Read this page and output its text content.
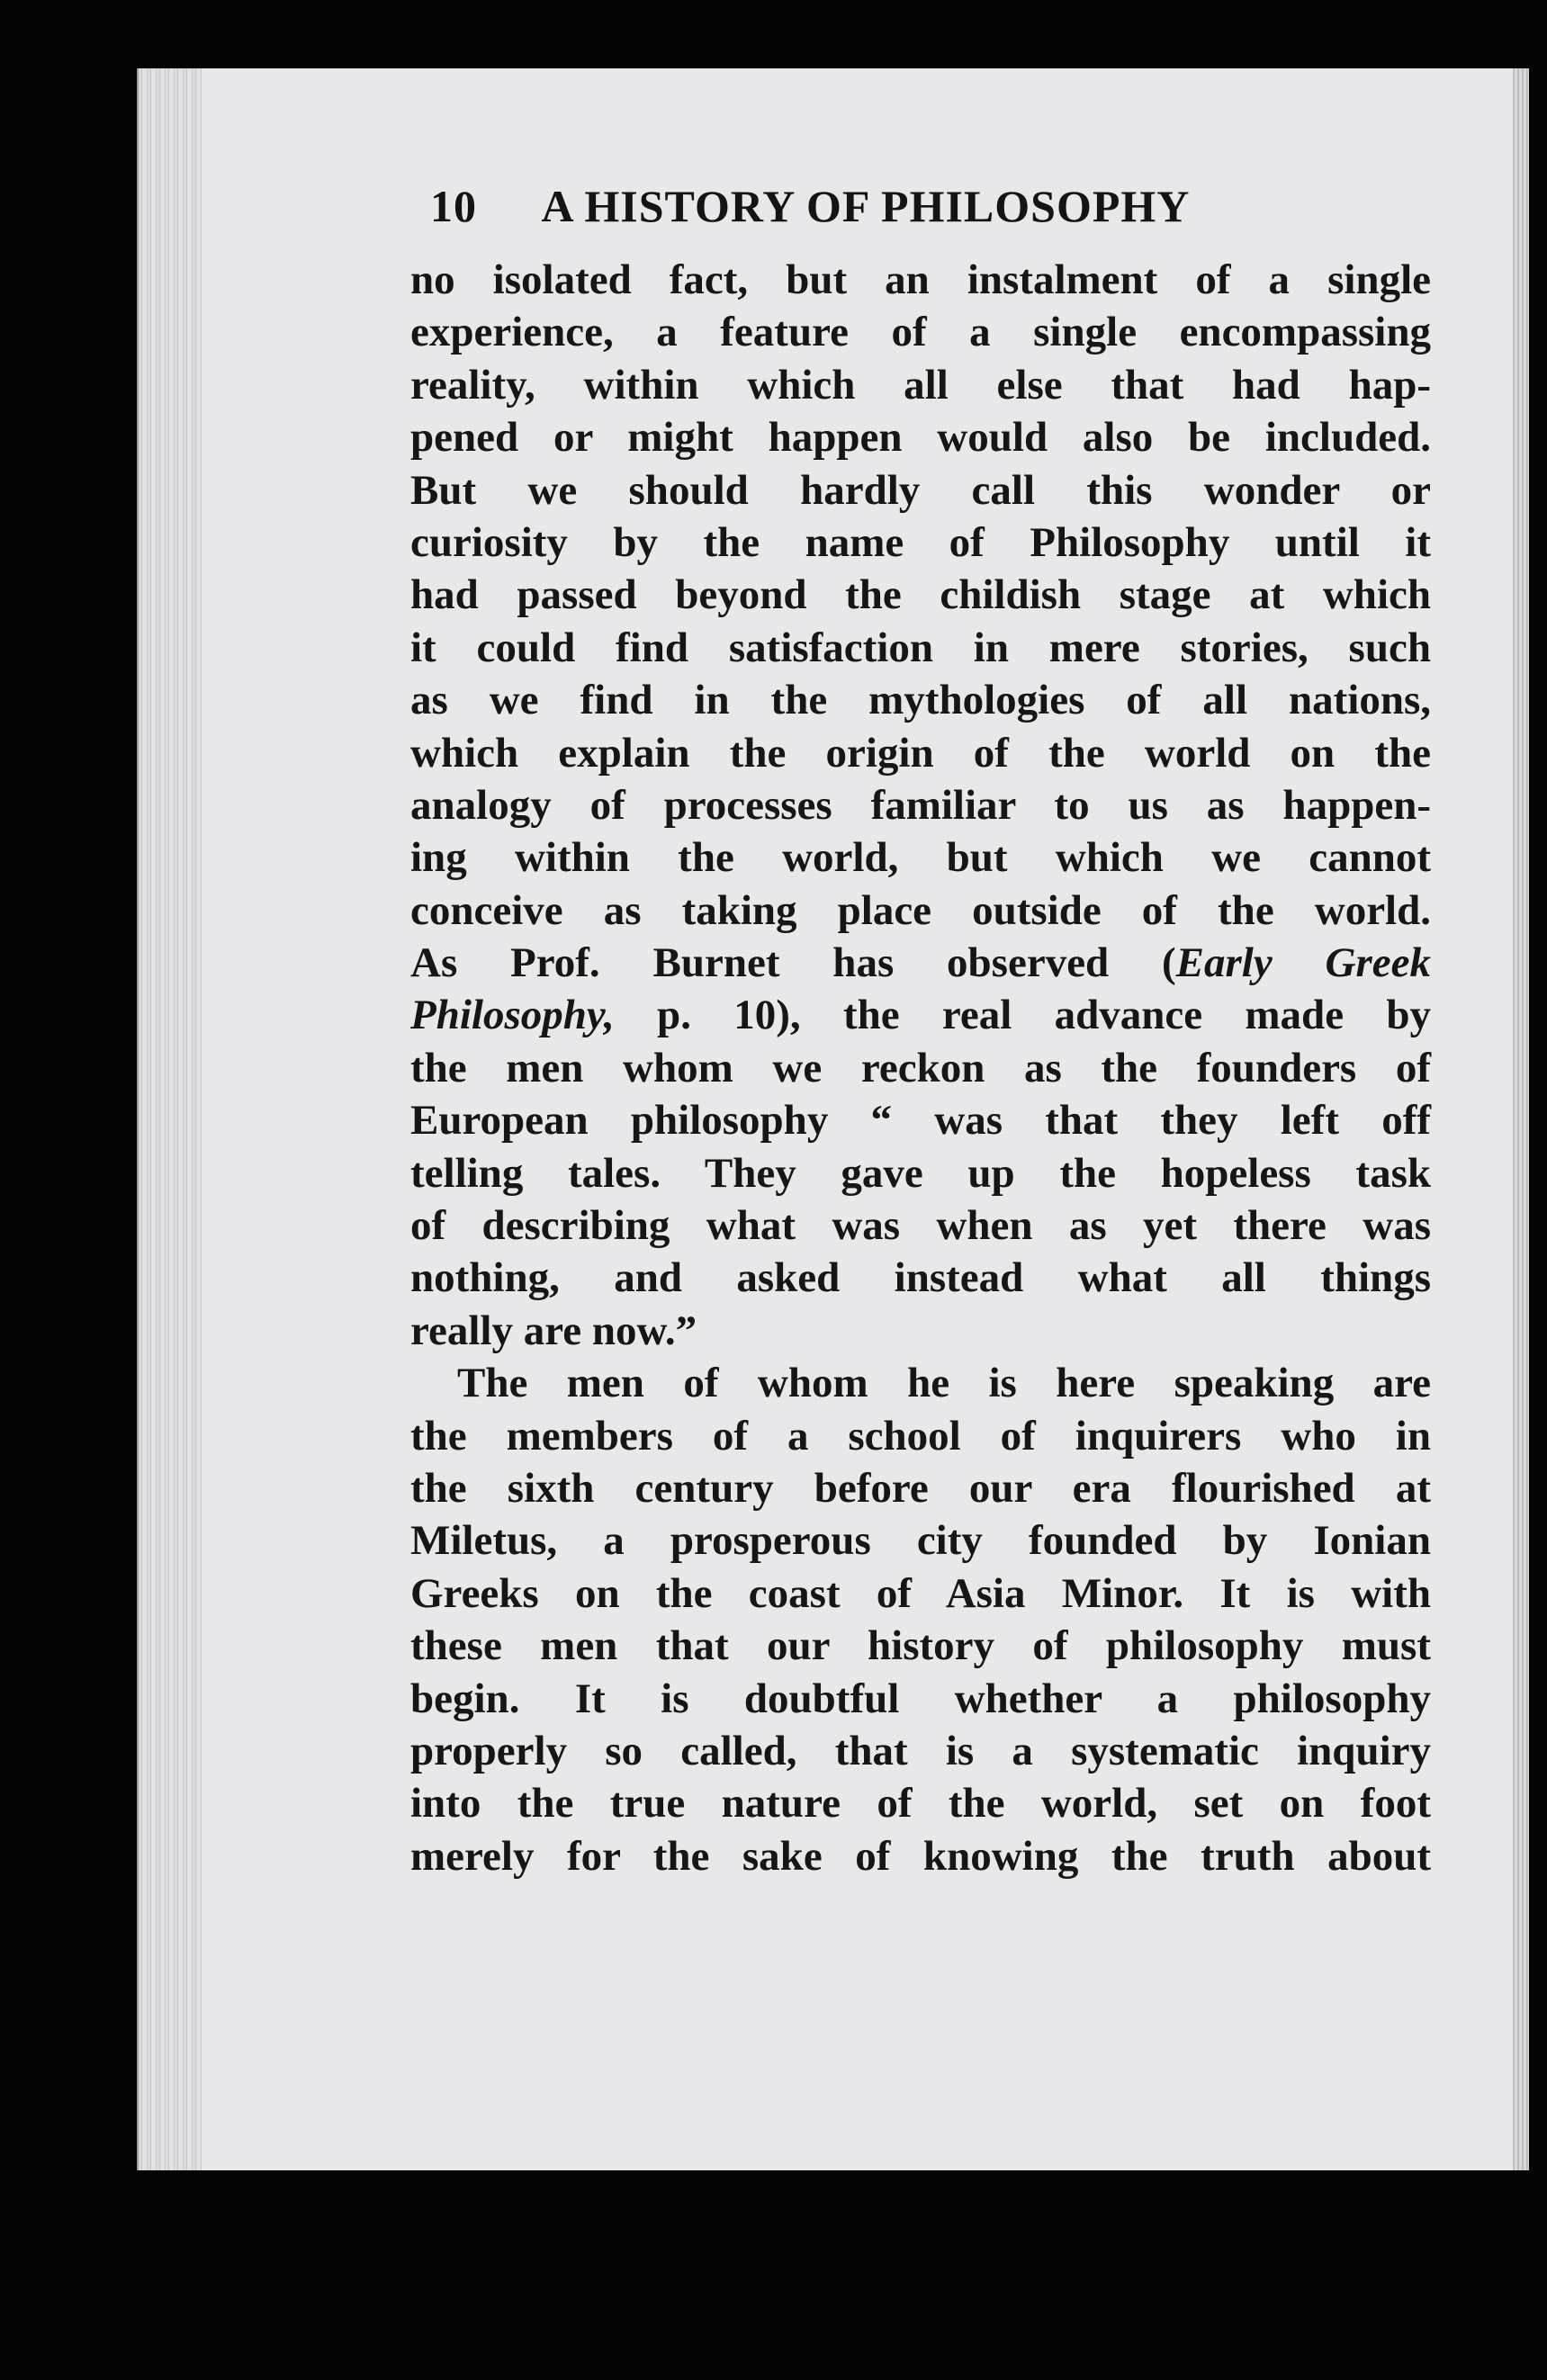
10 A HISTORY OF PHILOSOPHY
no isolated fact, but an instalment of a single
experience, a feature of a single encompassing
reality, within which all else that had hap-
pened or might happen would also be included.
But we should hardly call this wonder or
curiosity by the name of Philosophy until it
had passed beyond the childish stage at which
it could find satisfaction in mere stories, such
as we find in the mythologies of all nations,
which explain the origin of the world on the
analogy of processes familiar to us as happen-
ing within the world, but which we cannot
conceive as taking place outside of the world.
As Prof. Burnet has observed (Early Greek
Philosophy, p. 10), the real advance made by
the men whom we reckon as the founders of
European philosophy “ was that they left off
telling tales. They gave up the hopeless task
of describing what was when as yet there was
nothing, and asked instead what all things
really are now.”
The men of whom he is here speaking are
the members of a school of inquirers who in
the sixth century before our era flourished at
Miletus, a prosperous city founded by Ionian
Greeks on the coast of Asia Minor. It is with
these men that our history of philosophy must
begin. It is doubtful whether a philosophy
properly so called, that is a systematic inquiry
into the true nature of the world, set on foot
merely for the sake of knowing the truth about
